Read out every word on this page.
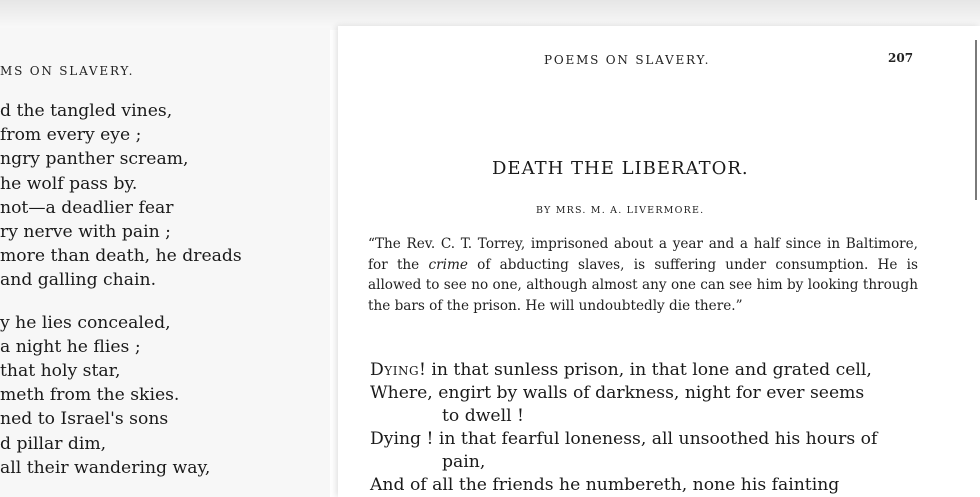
MS ON SLAVERY.
d the tangled vines,
from every eye ;
ngry panther scream,
he wolf pass by.
not—a deadlier fear
ry nerve with pain ;
more than death, he dreads
and galling chain.
y he lies concealed,
a night he flies ;
that holy star,
meth from the skies.
ned to Israel's sons
d pillar dim,
all their wandering way,
POEMS ON SLAVERY.	207
DEATH THE LIBERATOR.
BY MRS. M. A. LIVERMORE.
“The Rev. C. T. Torrey, imprisoned about a year and a half since in Baltimore, for the crime of abducting slaves, is suffering under consumption. He is allowed to see no one, although almost any one can see him by looking through the bars of the prison. He will undoubtedly die there.”
Dying! in that sunless prison, in that lone and grated cell,
Where, engirt by walls of darkness, night for ever seems
to dwell !
Dying ! in that fearful loneness, all unsoothed his hours of
pain,
And of all the friends he numbereth, none his fainting
